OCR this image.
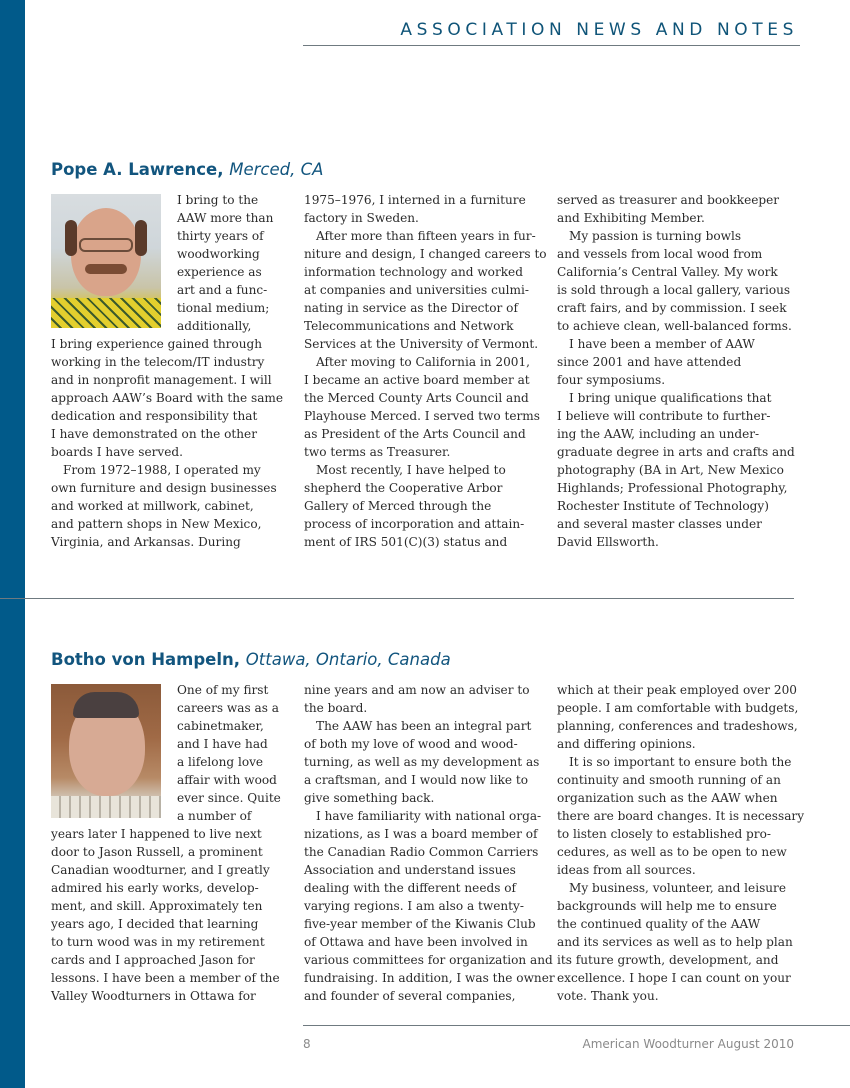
ASSOCIATION NEWS AND NOTES
Pope A. Lawrence, Merced, CA
I bring to the
AAW more than
thirty years of
woodworking
experience as
art and a func-
tional medium;
additionally,
I bring experience gained through
working in the telecom/IT industry
and in nonprofit management. I will
approach AAW’s Board with the same
dedication and responsibility that
I have demonstrated on the other
boards I have served.
From 1972–1988, I operated my
own furniture and design businesses
and worked at millwork, cabinet,
and pattern shops in New Mexico,
Virginia, and Arkansas. During
1975–1976, I interned in a furniture
factory in Sweden.
After more than fifteen years in fur-
niture and design, I changed careers to
information technology and worked
at companies and universities culmi-
nating in service as the Director of
Telecommunications and Network
Services at the University of Vermont.
After moving to California in 2001,
I became an active board member at
the Merced County Arts Council and
Playhouse Merced. I served two terms
as President of the Arts Council and
two terms as Treasurer.
Most recently, I have helped to
shepherd the Cooperative Arbor
Gallery of Merced through the
process of incorporation and attain-
ment of IRS 501(C)(3) status and
served as treasurer and bookkeeper
and Exhibiting Member.
My passion is turning bowls
and vessels from local wood from
California’s Central Valley. My work
is sold through a local gallery, various
craft fairs, and by commission. I seek
to achieve clean, well-balanced forms.
I have been a member of AAW
since 2001 and have attended
four symposiums.
I bring unique qualifications that
I believe will contribute to further-
ing the AAW, including an under-
graduate degree in arts and crafts and
photography (BA in Art, New Mexico
Highlands; Professional Photography,
Rochester Institute of Technology)
and several master classes under
David Ellsworth.
Botho von Hampeln, Ottawa, Ontario, Canada
One of my first
careers was as a
cabinetmaker,
and I have had
a lifelong love
affair with wood
ever since. Quite
a number of
years later I happened to live next
door to Jason Russell, a prominent
Canadian woodturner, and I greatly
admired his early works, develop-
ment, and skill. Approximately ten
years ago, I decided that learning
to turn wood was in my retirement
cards and I approached Jason for
lessons. I have been a member of the
Valley Woodturners in Ottawa for
nine years and am now an adviser to
the board.
The AAW has been an integral part
of both my love of wood and wood-
turning, as well as my development as
a craftsman, and I would now like to
give something back.
I have familiarity with national orga-
nizations, as I was a board member of
the Canadian Radio Common Carriers
Association and understand issues
dealing with the different needs of
varying regions. I am also a twenty-
five-year member of the Kiwanis Club
of Ottawa and have been involved in
various committees for organization and
fundraising. In addition, I was the owner
and founder of several companies,
which at their peak employed over 200
people. I am comfortable with budgets,
planning, conferences and tradeshows,
and differing opinions.
It is so important to ensure both the
continuity and smooth running of an
organization such as the AAW when
there are board changes. It is necessary
to listen closely to established pro-
cedures, as well as to be open to new
ideas from all sources.
My business, volunteer, and leisure
backgrounds will help me to ensure
the continued quality of the AAW
and its services as well as to help plan
its future growth, development, and
excellence. I hope I can count on your
vote. Thank you.
8	American Woodturner August 2010
